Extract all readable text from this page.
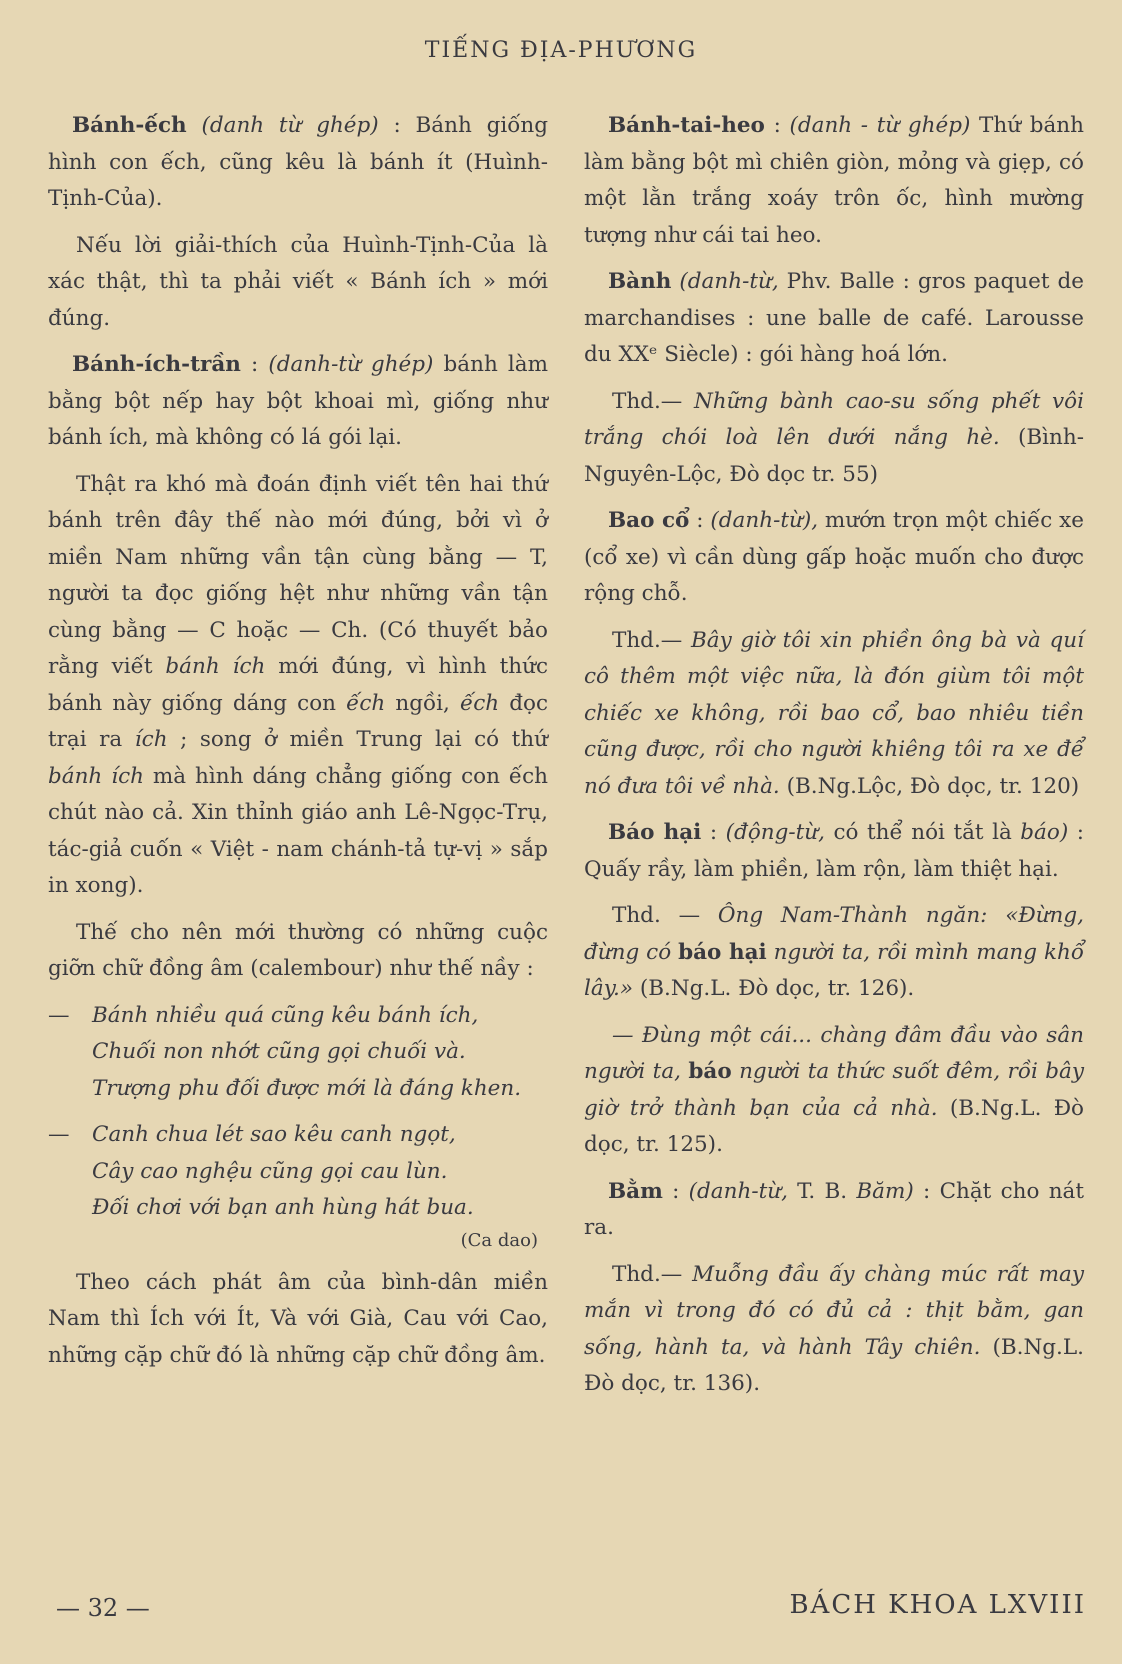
TIẾNG ĐỊA-PHƯƠNG
Bánh-ếch (danh từ ghép) : Bánh giống hình con ếch, cũng kêu là bánh ít (Huình-Tịnh-Của).
Nếu lời giải-thích của Huình-Tịnh-Của là xác thật, thì ta phải viết « Bánh ích » mới đúng.
Bánh-ích-trần : (danh-từ ghép) bánh làm bằng bột nếp hay bột khoai mì, giống như bánh ích, mà không có lá gói lại.
Thật ra khó mà đoán định viết tên hai thứ bánh trên đây thế nào mới đúng, bởi vì ở miền Nam những vần tận cùng bằng — T, người ta đọc giống hệt như những vần tận cùng bằng — C hoặc — Ch. (Có thuyết bảo rằng viết bánh ích mới đúng, vì hình thức bánh này giống dáng con ếch ngồi, ếch đọc trại ra ích ; song ở miền Trung lại có thứ bánh ích mà hình dáng chẳng giống con ếch chút nào cả. Xin thỉnh giáo anh Lê-Ngọc-Trụ, tác-giả cuốn « Việt - nam chánh-tả tự-vị » sắp in xong).
Thế cho nên mới thường có những cuộc giỡn chữ đồng âm (calembour) như thế nầy :
— Bánh nhiều quá cũng kêu bánh ích,
Chuối non nhớt cũng gọi chuối và.
Trượng phu đối được mới là đáng khen.
— Canh chua lét sao kêu canh ngọt,
Cây cao nghệu cũng gọi cau lùn.
Đối chơi với bạn anh hùng hát bua.
(Ca dao)
Theo cách phát âm của bình-dân miền Nam thì Ích với Ít, Và với Già, Cau với Cao, những cặp chữ đó là những cặp chữ đồng âm.
Bánh-tai-heo : (danh - từ ghép) Thứ bánh làm bằng bột mì chiên giòn, mỏng và giẹp, có một lằn trắng xoáy trôn ốc, hình mường tượng như cái tai heo.
Bành (danh-từ, Phv. Balle : gros paquet de marchandises : une balle de café. Larousse du XXᵉ Siècle) : gói hàng hoá lớn.
Thd.— Những bành cao-su sống phết vôi trắng chói loà lên dưới nắng hè. (Bình-Nguyên-Lộc, Đò dọc tr. 55)
Bao cổ : (danh-từ), mướn trọn một chiếc xe (cổ xe) vì cần dùng gấp hoặc muốn cho được rộng chỗ.
Thd.— Bây giờ tôi xin phiền ông bà và quí cô thêm một việc nữa, là đón giùm tôi một chiếc xe không, rồi bao cổ, bao nhiêu tiền cũng được, rồi cho người khiêng tôi ra xe để nó đưa tôi về nhà. (B.Ng.Lộc, Đò dọc, tr. 120)
Báo hại : (động-từ, có thể nói tắt là báo) : Quấy rầy, làm phiền, làm rộn, làm thiệt hại.
Thd. — Ông Nam-Thành ngăn: «Đừng, đừng có báo hại người ta, rồi mình mang khổ lây.» (B.Ng.L. Đò dọc, tr. 126).
— Đùng một cái... chàng đâm đầu vào sân người ta, báo người ta thức suốt đêm, rồi bây giờ trở thành bạn của cả nhà. (B.Ng.L. Đò dọc, tr. 125).
Bằm : (danh-từ, T. B. Băm) : Chặt cho nát ra.
Thd.— Muỗng đầu ấy chàng múc rất may mắn vì trong đó có đủ cả : thịt bằm, gan sống, hành ta, và hành Tây chiên. (B.Ng.L. Đò dọc, tr. 136).
— 32 —	BÁCH KHOA LXVIII
